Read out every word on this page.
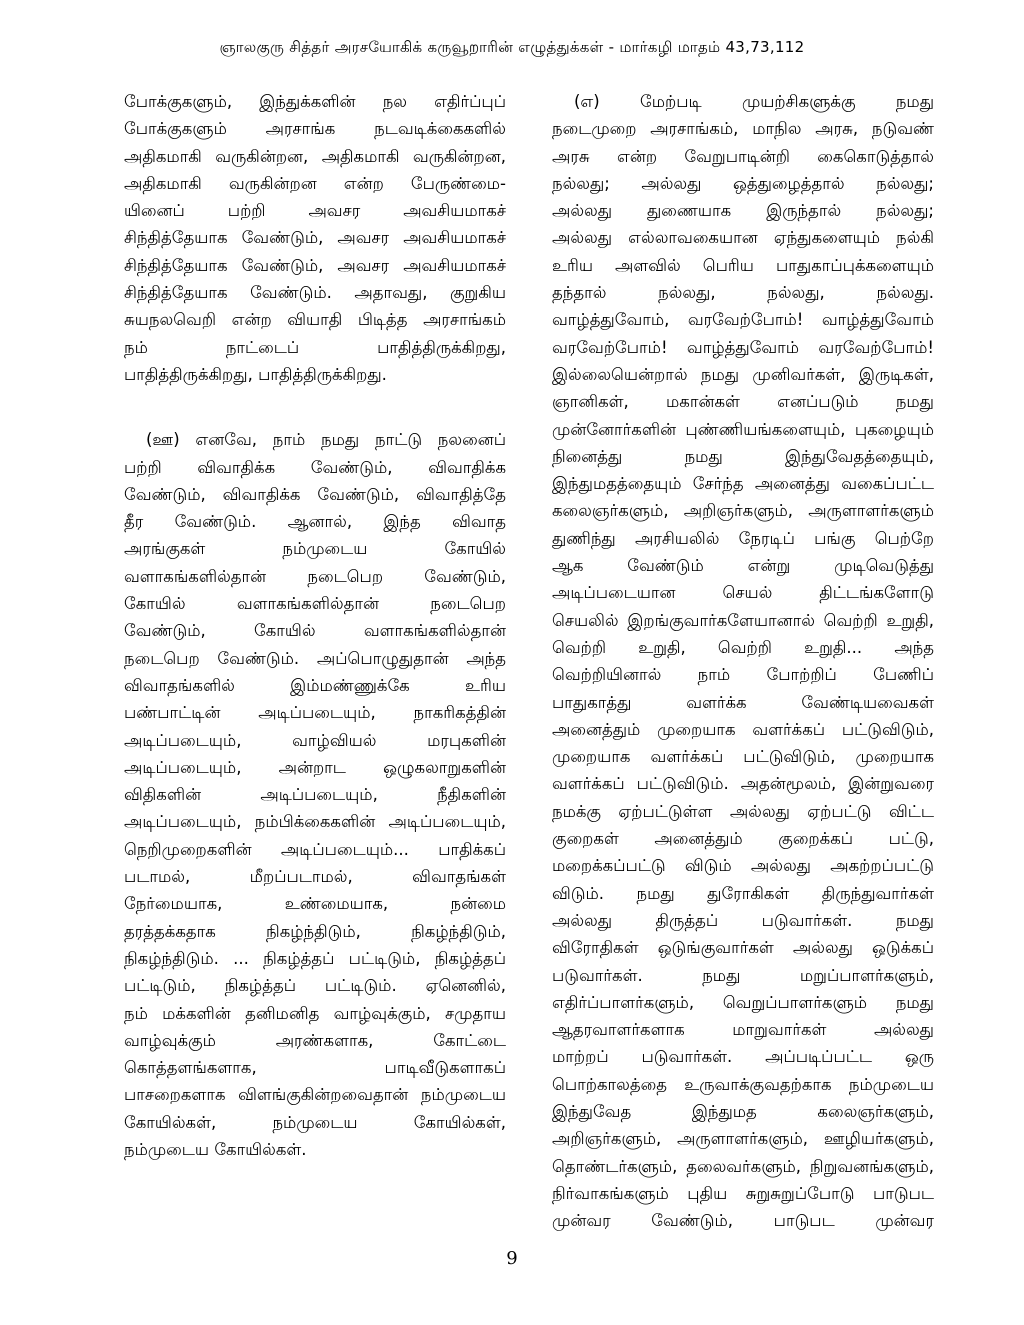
ஞாலகுரு சித்தர் அரசயோகிக் கருவூறாரின் எழுத்துக்கள் - மார்கழி மாதம் 43,73,112
போக்குகளும், இந்துக்களின் நல எதிர்ப்புப்
போக்குகளும் அரசாங்க நடவடிக்கைகளில்
அதிகமாகி வருகின்றன, அதிகமாகி வருகின்றன,
அதிகமாகி வருகின்றன என்ற பேருண்மை-
யினைப் பற்றி அவசர அவசியமாகச்
சிந்தித்தேயாக வேண்டும், அவசர அவசியமாகச்
சிந்தித்தேயாக வேண்டும், அவசர அவசியமாகச்
சிந்தித்தேயாக வேண்டும். அதாவது, குறுகிய
சுயநலவெறி என்ற வியாதி பிடித்த அரசாங்கம்
நம் நாட்டைப் பாதித்திருக்கிறது,
பாதித்திருக்கிறது, பாதித்திருக்கிறது.
(ஊ) எனவே, நாம் நமது நாட்டு நலனைப்
பற்றி விவாதிக்க வேண்டும், விவாதிக்க
வேண்டும், விவாதிக்க வேண்டும், விவாதித்தே
தீர வேண்டும். ஆனால், இந்த விவாத
அரங்குகள் நம்முடைய கோயில்
வளாகங்களில்தான் நடைபெற வேண்டும்,
கோயில் வளாகங்களில்தான் நடைபெற
வேண்டும், கோயில் வளாகங்களில்தான்
நடைபெற வேண்டும். அப்பொழுதுதான் அந்த
விவாதங்களில் இம்மண்ணுக்கே உரிய
பண்பாட்டின் அடிப்படையும், நாகரிகத்தின்
அடிப்படையும், வாழ்வியல் மரபுகளின்
அடிப்படையும், அன்றாட ஒழுகலாறுகளின்
விதிகளின் அடிப்படையும், நீதிகளின்
அடிப்படையும், நம்பிக்கைகளின் அடிப்படையும்,
நெறிமுறைகளின் அடிப்படையும்... பாதிக்கப்
படாமல், மீறப்படாமல், விவாதங்கள்
நேர்மையாக, உண்மையாக, நன்மை
தரத்தக்கதாக நிகழ்ந்திடும், நிகழ்ந்திடும்,
நிகழ்ந்திடும். ... நிகழ்த்தப் பட்டிடும், நிகழ்த்தப்
பட்டிடும், நிகழ்த்தப் பட்டிடும். ஏனெனில்,
நம் மக்களின் தனிமனித வாழ்வுக்கும், சமுதாய
வாழ்வுக்கும் அரண்களாக, கோட்டை
கொத்தளங்களாக, பாடிவீடுகளாகப்
பாசறைகளாக விளங்குகின்றவைதான் நம்முடைய
கோயில்கள், நம்முடைய கோயில்கள்,
நம்முடைய கோயில்கள்.
(எ) மேற்படி முயற்சிகளுக்கு நமது
நடைமுறை அரசாங்கம், மாநில அரசு, நடுவண்
அரசு என்ற வேறுபாடின்றி கைகொடுத்தால்
நல்லது; அல்லது ஒத்துழைத்தால் நல்லது;
அல்லது துணையாக இருந்தால் நல்லது;
அல்லது எல்லாவகையான ஏந்துகளையும் நல்கி
உரிய அளவில் பெரிய பாதுகாப்புக்களையும்
தந்தால் நல்லது, நல்லது, நல்லது.
வாழ்த்துவோம், வரவேற்போம்! வாழ்த்துவோம்
வரவேற்போம்! வாழ்த்துவோம் வரவேற்போம்!
இல்லையென்றால் நமது முனிவர்கள், இருடிகள்,
ஞானிகள், மகான்கள் எனப்படும் நமது
முன்னோர்களின் புண்ணியங்களையும், புகழையும்
நினைத்து நமது இந்துவேதத்தையும்,
இந்துமதத்தையும் சேர்ந்த அனைத்து வகைப்பட்ட
கலைஞர்களும், அறிஞர்களும், அருளாளர்களும்
துணிந்து அரசியலில் நேரடிப் பங்கு பெற்றே
ஆக வேண்டும் என்று முடிவெடுத்து
அடிப்படையான செயல் திட்டங்களோடு
செயலில் இறங்குவார்களேயானால் வெற்றி உறுதி,
வெற்றி உறுதி, வெற்றி உறுதி... அந்த
வெற்றியினால் நாம் போற்றிப் பேணிப்
பாதுகாத்து வளர்க்க வேண்டியவைகள்
அனைத்தும் முறையாக வளர்க்கப் பட்டுவிடும்,
முறையாக வளர்க்கப் பட்டுவிடும், முறையாக
வளர்க்கப் பட்டுவிடும். அதன்மூலம், இன்றுவரை
நமக்கு ஏற்பட்டுள்ள அல்லது ஏற்பட்டு விட்ட
குறைகள் அனைத்தும் குறைக்கப் பட்டு,
மறைக்கப்பட்டு விடும் அல்லது அகற்றப்பட்டு
விடும். நமது துரோகிகள் திருந்துவார்கள்
அல்லது திருத்தப் படுவார்கள். நமது
விரோதிகள் ஒடுங்குவார்கள் அல்லது ஒடுக்கப்
படுவார்கள். நமது மறுப்பாளர்களும்,
எதிர்ப்பாளர்களும், வெறுப்பாளர்களும் நமது
ஆதரவாளர்களாக மாறுவார்கள் அல்லது
மாற்றப் படுவார்கள். அப்படிப்பட்ட ஒரு
பொற்காலத்தை உருவாக்குவதற்காக நம்முடைய
இந்துவேத இந்துமத கலைஞர்களும்,
அறிஞர்களும், அருளாளர்களும், ஊழியர்களும்,
தொண்டர்களும், தலைவர்களும், நிறுவனங்களும்,
நிர்வாகங்களும் புதிய சுறுசுறுப்போடு பாடுபட
முன்வர வேண்டும், பாடுபட முன்வர
9
